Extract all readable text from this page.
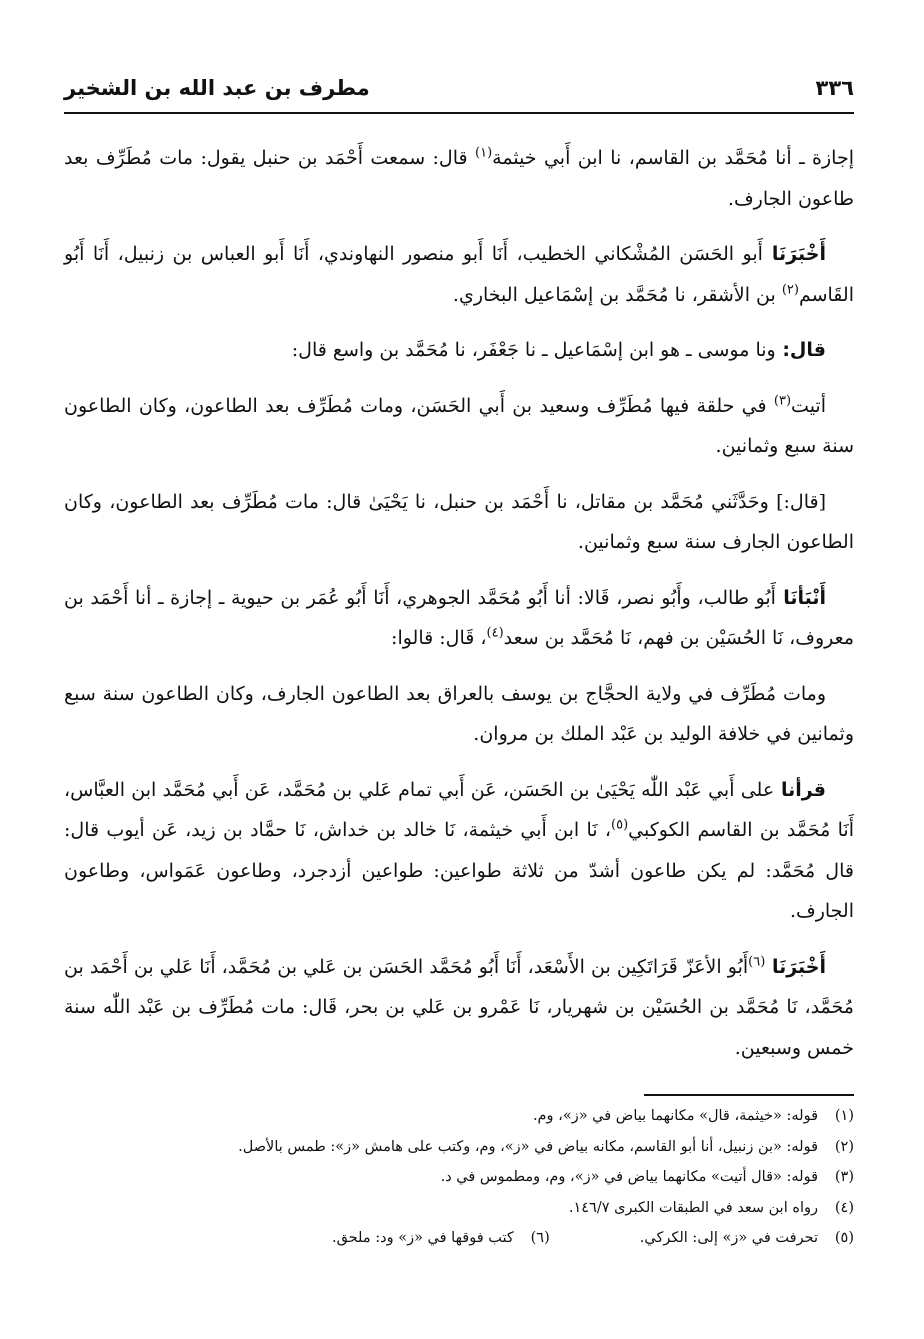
٣٣٦
مطرف بن عبد الله بن الشخير

إجازة ـ أنا مُحَمَّد بن القاسم، نا ابن أَبي خيثمة$^{(١)}$ قال: سمعت أَحْمَد بن حنبل يقول: مات مُطَرِّف بعد طاعون الجارف.

أَخْبَرَنَاأَبو الحَسَن المُشْكاني الخطيب، أَنَا أَبو منصور النهاوندي، أَنَا أَبو العباس بن زنبيل، أَنَا أَبُو القَاسم$^{(٢)}$ بن الأشقر، نا مُحَمَّد بن إسْمَاعيل البخاري.

قال:ونا موسى ـ هو ابن إسْمَاعيل ـ نا جَعْفَر، نا مُحَمَّد بن واسع قال:

أتيت$^{(٣)}$ في حلقة فيها مُطَرِّف وسعيد بن أَبي الحَسَن، ومات مُطَرِّف بعد الطاعون، وكان الطاعون سنة سبع وثمانين.

[قال:] وحَدَّثَني مُحَمَّد بن مقاتل، نا أَحْمَد بن حنبل، نا يَحْيَىٰ قال: مات مُطَرِّف بعد الطاعون، وكان الطاعون الجارف سنة سبع وثمانين.

أَنْبَأنَاأَبُو طالب، وأَبُو نصر، قَالا: أنا أَبُو مُحَمَّد الجوهري، أَنَا أَبُو عُمَر بن حيوية ـ إجازة ـ أنا أَحْمَد بن معروف، نَا الحُسَيْن بن فهم، نَا مُحَمَّد بن سعد$^{(٤)}$، قَال: قالوا:

ومات مُطَرِّف في ولاية الحجَّاج بن يوسف بالعراق بعد الطاعون الجارف، وكان الطاعون سنة سبع وثمانين في خلافة الوليد بن عَبْد الملك بن مروان.

قرأناعلى أَبي عَبْد اللّٰه يَحْيَىٰ بن الحَسَن، عَن أَبي تمام عَلي بن مُحَمَّد، عَن أَبي مُحَمَّد ابن العبَّاس، أَنَا مُحَمَّد بن القاسم الكوكبي$^{(٥)}$، نَا ابن أَبي خيثمة، نَا خالد بن خداش، نَا حمَّاد بن زيد، عَن أيوب قال: قال مُحَمَّد: لم يكن طاعون أشدّ من ثلاثة طواعين: طواعين أزدجرد، وطاعون عَمَواس، وطاعون الجارف.

أَخْبَرَنَا$^{(٦)}$أَبُو الأعَزّ قَرَاتَكِين بن الأَسْعَد، أَنَا أَبُو مُحَمَّد الحَسَن بن عَلي بن مُحَمَّد، أَنَا عَلي بن أَحْمَد بن مُحَمَّد، نَا مُحَمَّد بن الحُسَيْن بن شهريار، نَا عَمْرو بن عَلي بن بحر، قَال: مات مُطَرِّف بن عَبْد اللّٰه سنة خمس وسبعين.

(١)
قوله: «خيثمة، قال» مكانهما بياض في «ز»، وم.
(٢)
قوله: «بن زنبيل، أنا أبو القاسم، مكانه بياض في «ز»، وم، وكتب على هامش «ز»: طمس بالأصل.
(٣)
قوله: «قال أتيت» مكانهما بياض في «ز»، وم، ومطموس في د.
(٤)
رواه ابن سعد في الطبقات الكبرى ١٤٦/٧.
(٥)
تحرفت في «ز» إلى: الكركي.
(٦)
كتب فوقها في «ز» ود: ملحق.
